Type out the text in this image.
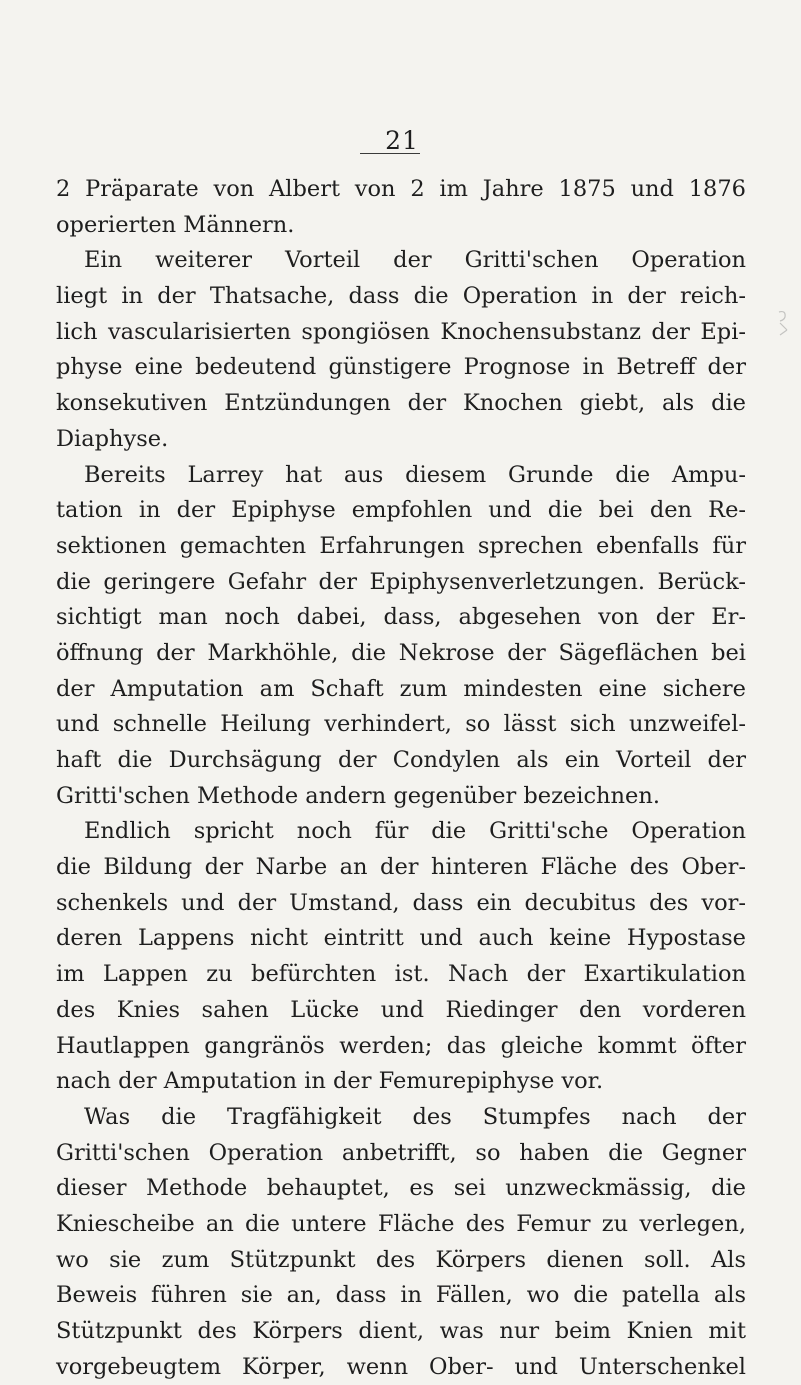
21
2 Präparate von Albert von 2 im Jahre 1875 und 1876
operierten Männern.
Ein weiterer Vorteil der Gritti'schen Operation
liegt in der Thatsache, dass die Operation in der reich-
lich vascularisierten spongiösen Knochensubstanz der Epi-
physe eine bedeutend günstigere Prognose in Betreff der
konsekutiven Entzündungen der Knochen giebt, als die
Diaphyse.
Bereits Larrey hat aus diesem Grunde die Ampu-
tation in der Epiphyse empfohlen und die bei den Re-
sektionen gemachten Erfahrungen sprechen ebenfalls für
die geringere Gefahr der Epiphysenverletzungen. Berück-
sichtigt man noch dabei, dass, abgesehen von der Er-
öffnung der Markhöhle, die Nekrose der Sägeflächen bei
der Amputation am Schaft zum mindesten eine sichere
und schnelle Heilung verhindert, so lässt sich unzweifel-
haft die Durchsägung der Condylen als ein Vorteil der
Gritti'schen Methode andern gegenüber bezeichnen.
Endlich spricht noch für die Gritti'sche Operation
die Bildung der Narbe an der hinteren Fläche des Ober-
schenkels und der Umstand, dass ein decubitus des vor-
deren Lappens nicht eintritt und auch keine Hypostase
im Lappen zu befürchten ist. Nach der Exartikulation
des Knies sahen Lücke und Riedinger den vorderen
Hautlappen gangränös werden; das gleiche kommt öfter
nach der Amputation in der Femurepiphyse vor.
Was die Tragfähigkeit des Stumpfes nach der
Gritti'schen Operation anbetrifft, so haben die Gegner
dieser Methode behauptet, es sei unzweckmässig, die
Kniescheibe an die untere Fläche des Femur zu verlegen,
wo sie zum Stützpunkt des Körpers dienen soll. Als
Beweis führen sie an, dass in Fällen, wo die patella als
Stützpunkt des Körpers dient, was nur beim Knien mit
vorgebeugtem Körper, wenn Ober- und Unterschenkel
